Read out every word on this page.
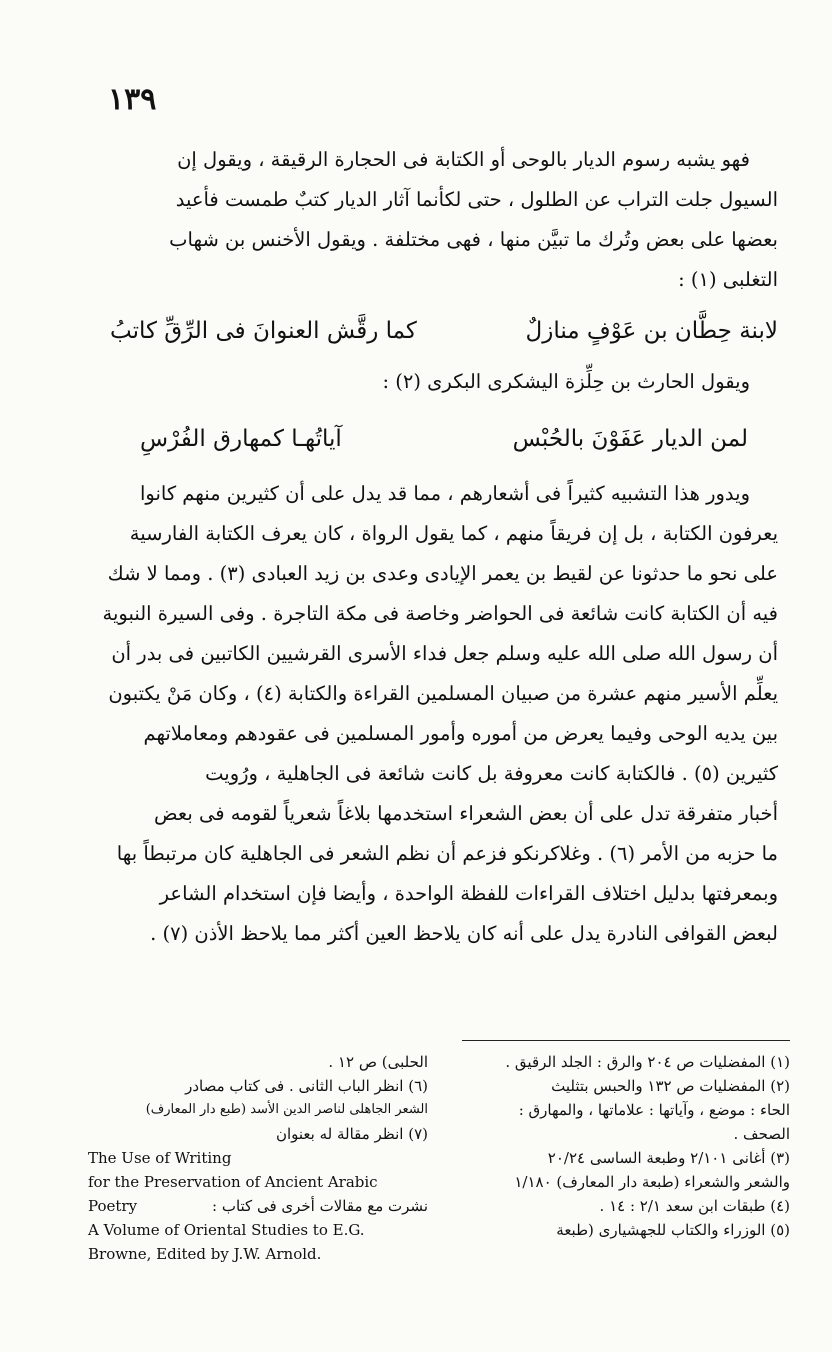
١٣٩

فهو يشبه رسوم الديار بالوحى أو الكتابة فى الحجارة الرقيقة ، ويقول إن

السيول جلت التراب عن الطلول ، حتى لكأنما آثار الديار كتبٌ طمست فأعيد

بعضها على بعض وتُرك ما تبيَّن منها ، فهى مختلفة . ويقول الأخنس بن شهاب

التغلبى (١) :

لابنة حِطَّان بن عَوْفٍ منازلٌ
كما رقَّش العنوانَ فى الرِّقِّ كاتبُ

ويقول الحارث بن حِلِّزة اليشكرى البكرى (٢) :

لمن الديار عَفَوْنَ بالحُبْس
آياتُهـا كمهارق الفُرْسِ

ويدور هذا التشبيه كثيراً فى أشعارهم ، مما قد يدل على أن كثيرين منهم كانوا

يعرفون الكتابة ، بل إن فريقاً منهم ، كما يقول الرواة ، كان يعرف الكتابة الفارسية

على نحو ما حدثونا عن لقيط بن يعمر الإيادى وعدى بن زيد العبادى (٣) . ومما لا شك

فيه أن الكتابة كانت شائعة فى الحواضر وخاصة فى مكة التاجرة . وفى السيرة النبوية

أن رسول الله صلى الله عليه وسلم جعل فداء الأسرى القرشيين الكاتبين فى بدر أن

يعلِّم الأسير منهم عشرة من صبيان المسلمين القراءة والكتابة (٤) ، وكان مَنْ يكتبون

بين يديه الوحى وفيما يعرض من أموره وأمور المسلمين فى عقودهم ومعاملاتهم

كثيرين (٥) . فالكتابة كانت معروفة بل كانت شائعة فى الجاهلية ، ورُويت

أخبار متفرقة تدل على أن بعض الشعراء استخدمها بلاغاً شعرياً لقومه فى بعض

ما حزبه من الأمر (٦) . وغلاكرنكو فزعم أن نظم الشعر فى الجاهلية كان مرتبطاً بها

وبمعرفتها بدليل اختلاف القراءات للفظة الواحدة ، وأيضا فإن استخدام الشاعر

لبعض القوافى النادرة يدل على أنه كان يلاحظ العين أكثر مما يلاحظ الأذن (٧) .

(١) المفضليات ص ٢٠٤ والرق : الجلد الرقيق .
(٢) المفضليات ص ١٣٢ والحبس بتثليث
الحاء : موضع ، وآياتها : علاماتها ، والمهارق :
الصحف .
(٣) أغانى ٢/١٠١ وطبعة الساسى ٢٠/٢٤
والشعر والشعراء (طبعة دار المعارف) ١/١٨٠
(٤) طبقات ابن سعد ٢/١ : ١٤ .
(٥) الوزراء والكتاب للجهشيارى (طبعة
الحلبى) ص ١٢ .
(٦) انظر الباب الثانى . فى كتاب مصادر
الشعر الجاهلى لناصر الدين الأسد (طبع دار المعارف)
(٧) انظر مقالة له بعنوان
The Use of Writing
for the Preservation of Ancient Arabic
نشرت مع مقالات أخرى فى كتاب :
Poetry
A Volume of Oriental Studies to E.G.
Browne, Edited by J.W. Arnold.
